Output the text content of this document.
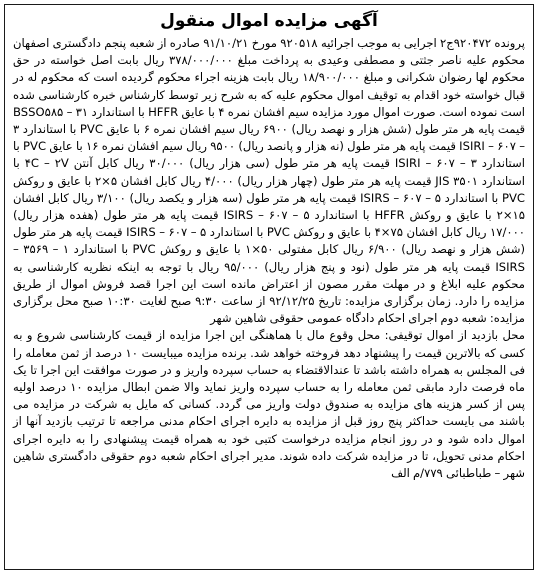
آگهی مزایده اموال منقول

پرونده ۹۲۰۴۷۲ج۲ اجرایی به موجب اجرائیه ۹۲۰۵۱۸ مورخ ۹۱/۱۰/۲۱ صادره از شعبه پنجم دادگستری اصفهان محکوم علیه ناصر جثتی و مصطفی وعیدی به پرداخت مبلغ ۳۷۸/۰۰۰/۰۰۰ ریال بابت اصل خواسته در حق محکوم لها رضوان شکرانی و مبلغ ۱۸/۹۰۰/۰۰۰ ریال بابت هزینه اجراء محکوم گردیده است که محکوم له در قبال خواسته خود اقدام به توقیف اموال محکوم علیه که به شرح زیر توسط کارشناس خبره کارشناسی شده است نموده است. صورت اموال مورد مزایده سیم افشان نمره ۴ با عایق HFFR با استاندارد BSSO۵۸۵ – ۳۱ قیمت پایه هر متر طول (شش هزار و نهصد ریال) ۶۹۰۰ ریال سیم افشان نمره ۶ با عایق PVC با استاندارد ۳ – ۶۰۷ – ISIRI قیمت پایه هر متر طول (نه هزار و پانصد ریال) ۹۵۰۰ ریال سیم افشان نمره ۱۶ با عایق PVC با استاندارد ۳ – ۶۰۷ – ISIRI قیمت پایه هر متر طول (سی هزار ریال) ۳۰/۰۰۰ ریال کابل آنتن ۴C – ۲V با استاندارد ۳۵۰۱ JIS قیمت پایه هر متر طول (چهار هزار ریال) ۴/۰۰۰ ریال کابل افشان ۵×۲ با عایق و روکش PVC با استاندارد ۵ – ۶۰۷ – ISIRS قیمت پایه هر متر طول (سه هزار و یکصد ریال) ۳/۱۰۰ ریال کابل افشان ۱۵×۲ با عایق و روکش HFFR با استاندارد ۵ – ۶۰۷ – ISIRS قیمت پایه هر متر طول (هفده هزار ریال) ۱۷/۰۰۰ ریال کابل افشان ۷۵×۴ با عایق و روکش PVC با استاندارد ۵ – ۶۰۷ – ISIRS قیمت پایه هر متر طول (شش هزار و نهصد ریال) ۶/۹۰۰ ریال کابل مفتولی ۵۰×۱ با عایق و روکش PVC با استاندارد ۱ – ۳۵۶۹ – ISIRS قیمت پایه هر متر طول (نود و پنج هزار ریال) ۹۵/۰۰۰ ریال با توجه به اینکه نظریه کارشناسی به محکوم علیه ابلاغ و در مهلت مقرر مصون از اعتراض مانده است این اجرا قصد فروش اموال از طریق مزایده را دارد. زمان برگزاری مزایده: تاریخ ۹۲/۱۲/۲۵ از ساعت ۹:۳۰ صبح لغایت ۱۰:۳۰ صبح محل برگزاری مزایده: شعبه دوم اجرای احکام دادگاه عمومی حقوقی شاهین شهر

محل بازدید از اموال توقیفی: محل وقوع مال با هماهنگی این اجرا مزایده از قیمت کارشناسی شروع و به کسی که بالاترین قیمت را پیشنهاد دهد فروخته خواهد شد. برنده مزایده میبایست ۱۰ درصد از ثمن معامله را فی المجلس به همراه داشته باشد تا عندالاقتضاء به حساب سپرده واریز و در صورت موافقت این اجرا تا یک ماه فرصت دارد مابقی ثمن معامله را به حساب سپرده واریز نماید والا ضمن ابطال مزایده ۱۰ درصد اولیه پس از کسر هزینه های مزایده به صندوق دولت واریز می گردد. کسانی که مایل به شرکت در مزایده می باشند می بایست حداکثر پنج روز قبل از مزایده به دایره اجرای احکام مدنی مراجعه تا ترتیب بازدید آنها از اموال داده شود و در روز انجام مزایده درخواست کتبی خود به همراه قیمت پیشنهادی را به دایره اجرای احکام مدنی تحویل، تا در مزایده شرکت داده شوند. مدیر اجرای احکام شعبه دوم حقوقی دادگستری شاهین شهر – طباطبائی ۷۷۹/م الف
